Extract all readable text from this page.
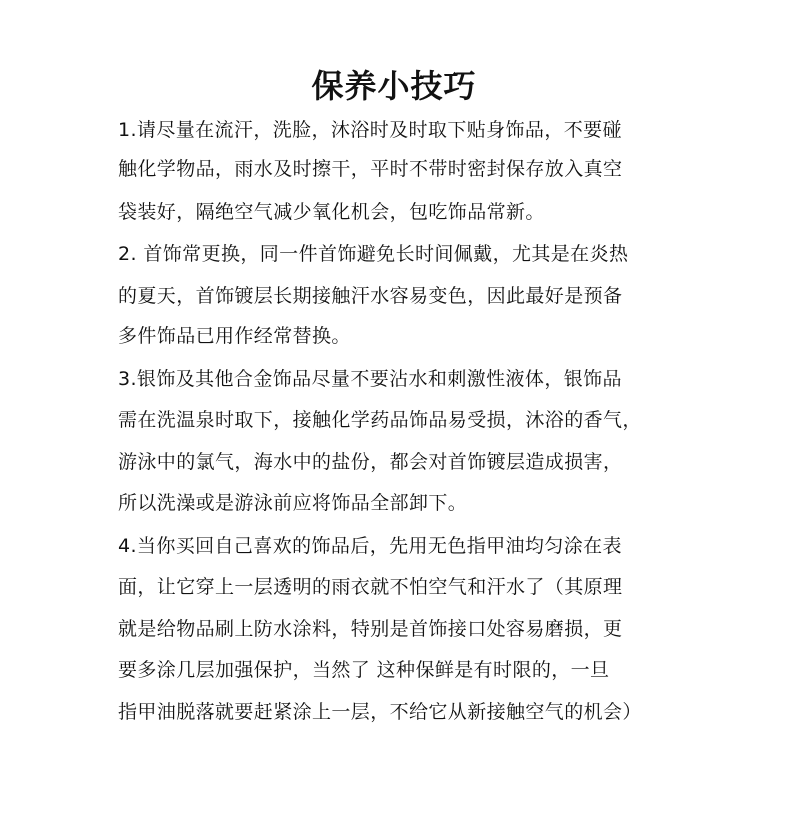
保养小技巧
1.请尽量在流汗，洗脸，沐浴时及时取下贴身饰品，不要碰
触化学物品，雨水及时擦干，平时不带时密封保存放入真空
袋装好，隔绝空气减少氧化机会，包吃饰品常新。
2. 首饰常更换，同一件首饰避免长时间佩戴，尤其是在炎热
的夏天，首饰镀层长期接触汗水容易变色，因此最好是预备
多件饰品已用作经常替换。
3.银饰及其他合金饰品尽量不要沾水和刺激性液体，银饰品
需在洗温泉时取下，接触化学药品饰品易受损，沐浴的香气，
游泳中的氯气，海水中的盐份，都会对首饰镀层造成损害，
所以洗澡或是游泳前应将饰品全部卸下。
4.当你买回自己喜欢的饰品后，先用无色指甲油均匀涂在表
面，让它穿上一层透明的雨衣就不怕空气和汗水了（其原理
就是给物品刷上防水涂料，特别是首饰接口处容易磨损，更
要多涂几层加强保护，当然了 这种保鲜是有时限的，一旦
指甲油脱落就要赶紧涂上一层，不给它从新接触空气的机会）
